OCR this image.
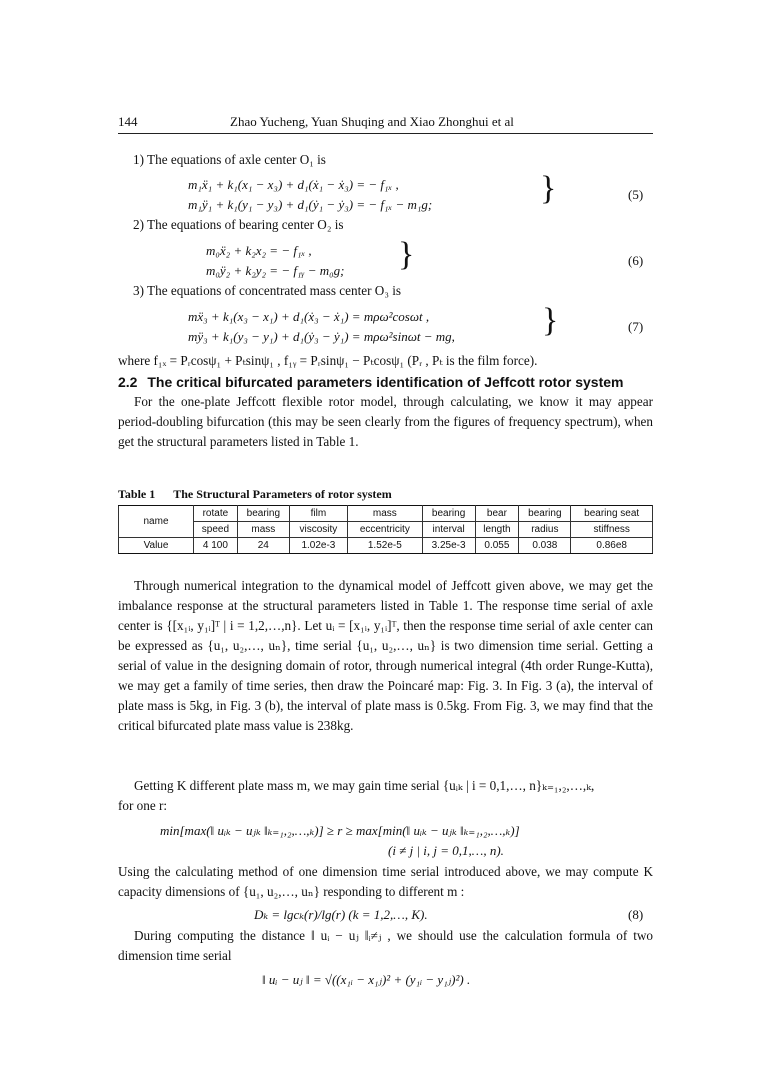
144	Zhao Yucheng, Yuan Shuqing and Xiao Zhonghui et al
1) The equations of axle center O₁ is
m₁ẍ₁ + k₁(x₁ − x₃) + d₁(ẋ₁ − ẋ₃) = − f₁ₓ ,
m₁ÿ₁ + k₁(y₁ − y₃) + d₁(ẏ₁ − ẏ₃) = − f₁ₓ − m₁g;	}	(5)
2) The equations of bearing center O₂ is
m₀ẍ₂ + k₂x₂ = − f₁ₓ ,
m₀ÿ₂ + k₂y₂ = − f₁ᵧ − m₀g; }	(6)
3) The equations of concentrated mass center O₃ is
mẍ₃ + k₁(x₃ − x₁) + d₁(ẋ₃ − ẋ₁) = mρω²cosωt ,
mÿ₃ + k₁(y₃ − y₁) + d₁(ẏ₃ − ẏ₁) = mρω²sinωt − mg,	}	(7)
where f₁ₓ = Pᵣcosψ₁ + Pₜsinψ₁ , f₁ᵧ = Pᵣsinψ₁ − Pₜcosψ₁ (Pᵣ , Pₜ is the film force).
2.2 The critical bifurcated parameters identification of Jeffcott rotor system
For the one-plate Jeffcott flexible rotor model, through calculating, we know it may appear period-doubling bifurcation (this may be seen clearly from the figures of frequency spectrum), when get the structural parameters listed in Table 1.
Table 1 The Structural Parameters of rotor system
name	rotate	bearing	film	mass	bearing	bear	bearing	bearing seat
	speed	mass	viscosity	eccentricity	interval	length	radius	stiffness
Value	4 100	24	1.02e-3	1.52e-5	3.25e-3	0.055	0.038	0.86e8
Through numerical integration to the dynamical model of Jeffcott given above, we may get the imbalance response at the structural parameters listed in Table 1. The response time serial of axle center is {[x₁ᵢ, y₁ᵢ]ᵀ | i = 1,2,…,n}. Let uᵢ = [x₁ᵢ, y₁ᵢ]ᵀ, then the response time serial of axle center can be expressed as {u₁, u₂,…, uₙ}, time serial {u₁, u₂,…, uₙ} is two dimension time serial. Getting a serial of value in the designing domain of rotor, through numerical integral (4th order Runge-Kutta), we may get a family of time series, then draw the Poincaré map: Fig. 3. In Fig. 3 (a), the interval of plate mass is 5kg, in Fig. 3 (b), the interval of plate mass is 0.5kg. From Fig. 3, we may find that the critical bifurcated plate mass value is 238kg.
Getting K different plate mass m, we may gain time serial {uᵢₖ | i = 0,1,…, n}ₖ₌₁,₂,…,ₖ,
for one r:
min[max(‖ uᵢₖ − uⱼₖ ‖ₖ₌₁,₂,…,ₖ)] ≥ r ≥ max[min(‖ uᵢₖ − uⱼₖ ‖ₖ₌₁,₂,…,ₖ)]
(i ≠ j | i, j = 0,1,…, n).
Using the calculating method of one dimension time serial introduced above, we may compute K capacity dimensions of {u₁, u₂,…, uₙ} responding to different m :
Dₖ = lgcₖ(r)/lg(r) (k = 1,2,…, K).	(8)
During computing the distance ‖ uᵢ − uⱼ ‖ᵢ≠ⱼ , we should use the calculation formula of two dimension time serial
‖ uᵢ − uⱼ ‖ = √((x₁ᵢ − x₁ⱼ)² + (y₁ᵢ − y₁ⱼ)²) .
